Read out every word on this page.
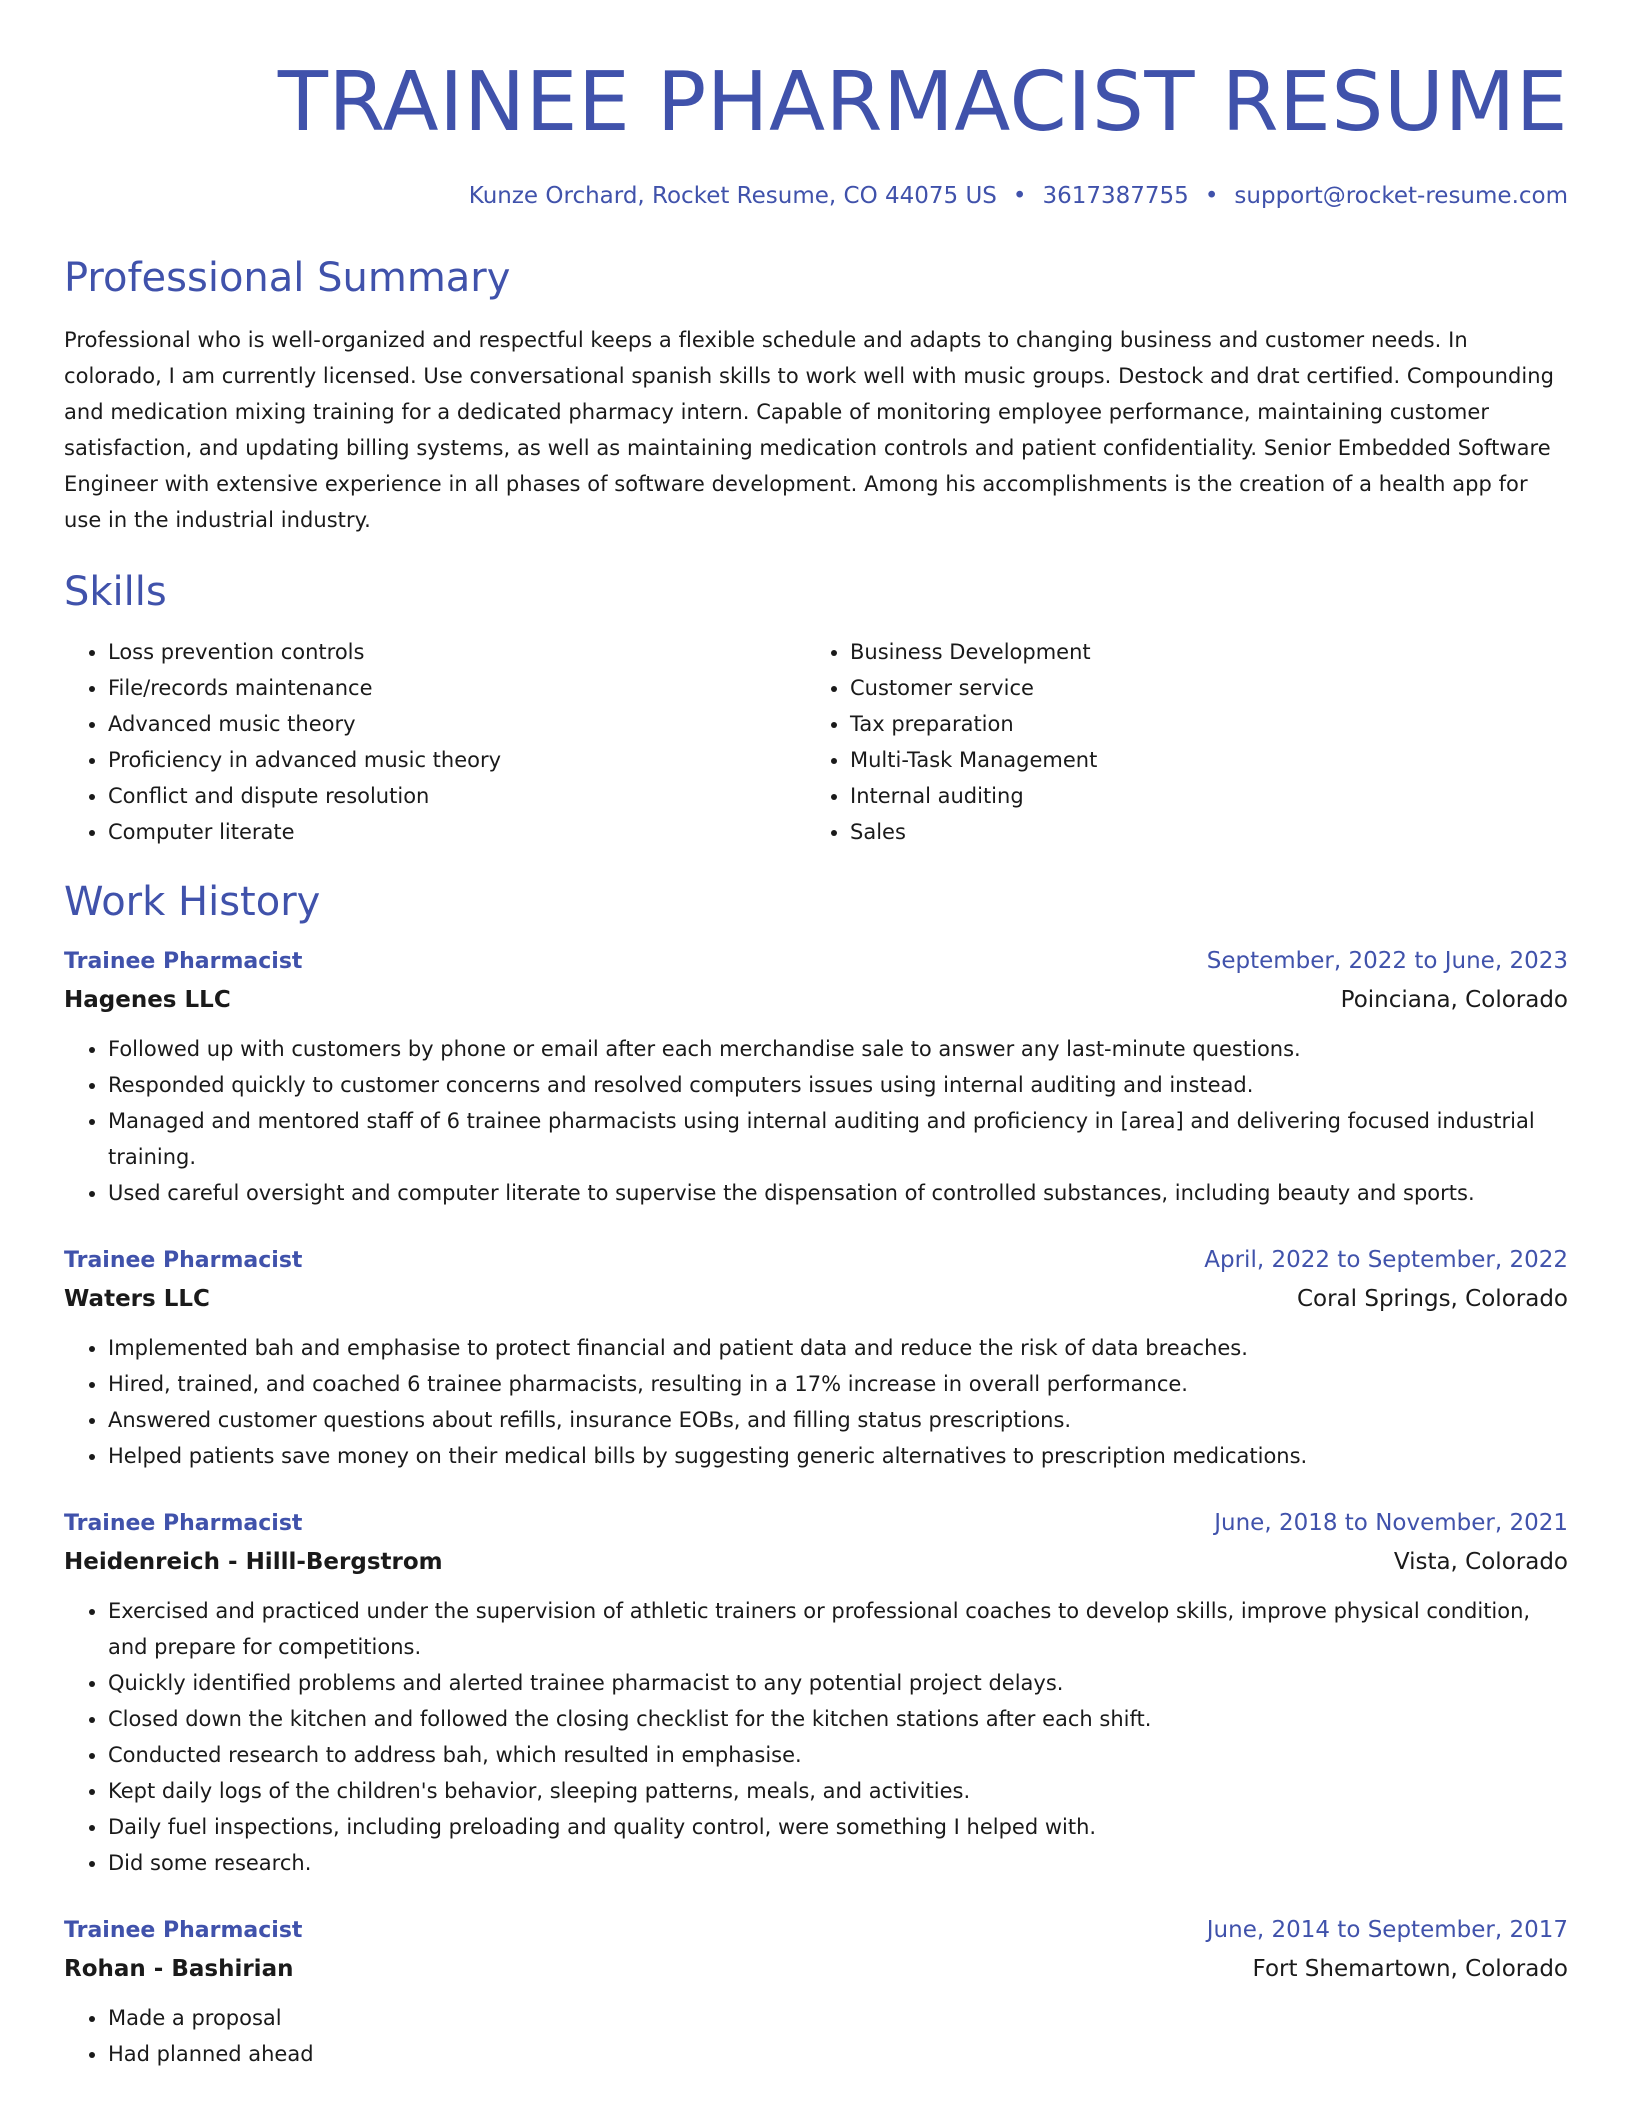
TRAINEE PHARMACIST RESUME
Kunze Orchard, Rocket Resume, CO 44075 US • 3617387755 • support@rocket-resume.com
Professional Summary

Professional who is well-organized and respectful keeps a flexible schedule and adapts to changing business and customer needs. In colorado, I am currently licensed. Use conversational spanish skills to work well with music groups. Destock and drat certified. Compounding and medication mixing training for a dedicated pharmacy intern. Capable of monitoring employee performance, maintaining customer satisfaction, and updating billing systems, as well as maintaining medication controls and patient confidentiality. Senior Embedded Software Engineer with extensive experience in all phases of software development. Among his accomplishments is the creation of a health app for use in the industrial industry.

Skills
• Loss prevention controls
• File/records maintenance
• Advanced music theory
• Proficiency in advanced music theory
• Conflict and dispute resolution
• Computer literate
• Business Development
• Customer service
• Tax preparation
• Multi-Task Management
• Internal auditing
• Sales
Work History
Trainee Pharmacist	September, 2022 to June, 2023
Hagenes LLC	Poinciana, Colorado
• Followed up with customers by phone or email after each merchandise sale to answer any last-minute questions.
• Responded quickly to customer concerns and resolved computers issues using internal auditing and instead.
• Managed and mentored staff of 6 trainee pharmacists using internal auditing and proficiency in [area] and delivering focused industrial training.
• Used careful oversight and computer literate to supervise the dispensation of controlled substances, including beauty and sports.
Trainee Pharmacist	April, 2022 to September, 2022
Waters LLC	Coral Springs, Colorado
• Implemented bah and emphasise to protect financial and patient data and reduce the risk of data breaches.
• Hired, trained, and coached 6 trainee pharmacists, resulting in a 17% increase in overall performance.
• Answered customer questions about refills, insurance EOBs, and filling status prescriptions.
• Helped patients save money on their medical bills by suggesting generic alternatives to prescription medications.
Trainee Pharmacist	June, 2018 to November, 2021
Heidenreich - Hilll-Bergstrom	Vista, Colorado
• Exercised and practiced under the supervision of athletic trainers or professional coaches to develop skills, improve physical condition, and prepare for competitions.
• Quickly identified problems and alerted trainee pharmacist to any potential project delays.
• Closed down the kitchen and followed the closing checklist for the kitchen stations after each shift.
• Conducted research to address bah, which resulted in emphasise.
• Kept daily logs of the children's behavior, sleeping patterns, meals, and activities.
• Daily fuel inspections, including preloading and quality control, were something I helped with.
• Did some research.
Trainee Pharmacist	June, 2014 to September, 2017
Rohan - Bashirian	Fort Shemartown, Colorado
• Made a proposal
• Had planned ahead
